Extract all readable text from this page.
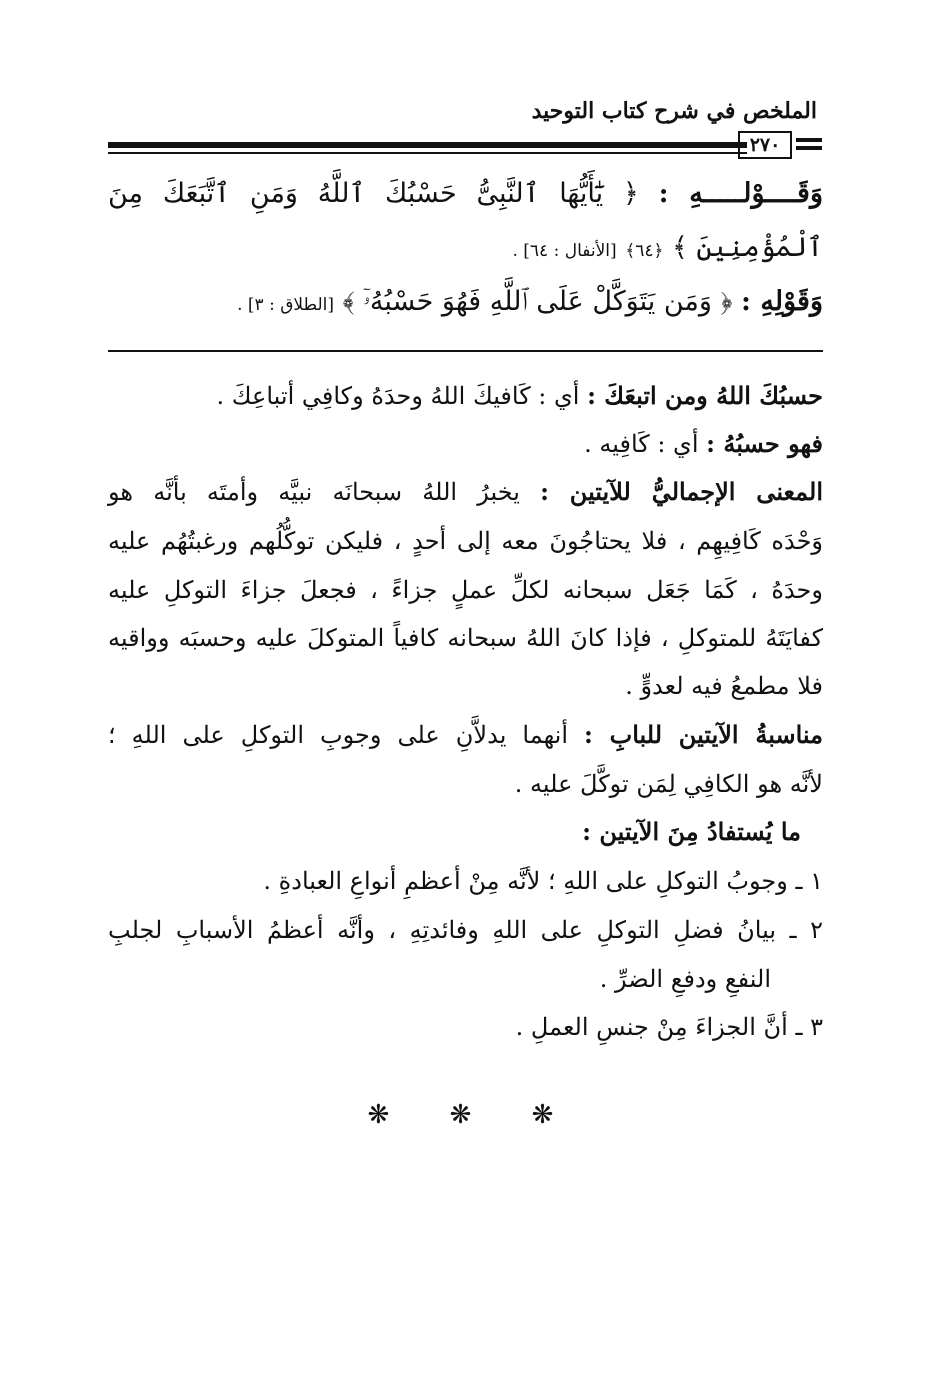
الملخص في شرح كتاب التوحيد
٢٧٠
وَقَــــوْلـــــهِ : ﴿ يَٰٓأَيُّهَا ٱلنَّبِىُّ حَسْبُكَ ٱللَّهُ وَمَنِ ٱتَّبَعَكَ مِنَ
ٱلْمُؤْمِنِينَ ﴾ ﴿٦٤﴾ [الأنفال : ٦٤] .
وَقَوْلِهِ : ﴿ وَمَن يَتَوَكَّلْ عَلَى ٱللَّهِ فَهُوَ حَسْبُهُۥٓ ﴾ [الطلاق : ٣] .
حسبُكَ اللهُ ومن اتبعَكَ : أي : كَافيكَ اللهُ وحدَهُ وكافِي أتباعِكَ .
فهو حسبُهُ : أي : كَافِيه .
المعنى الإجماليُّ للآيتين : يخبرُ اللهُ سبحانَه نبيَّه وأمتَه بأنَّه هو
وَحْدَه كَافِيهِم ، فلا يحتاجُونَ معه إلى أحدٍ ، فليكن توكُّلُهم ورغبتُهُم عليه
وحدَهُ ، كَمَا جَعَل سبحانه لكلِّ عملٍ جزاءً ، فجعلَ جزاءَ التوكلِ عليه
كفايَتَهُ للمتوكلِ ، فإذا كانَ اللهُ سبحانه كافياً المتوكلَ عليه وحسبَه وواقيه
فلا مطمعُ فيه لعدوٍّ .
مناسبةُ الآيتين للبابِ : أنهما يدلاَّنِ على وجوبِ التوكلِ على اللهِ ؛
لأنَّه هو الكافِي لِمَن توكَّلَ عليه .
ما يُستفادُ مِنَ الآيتين :
١ ـ وجوبُ التوكلِ على اللهِ ؛ لأنَّه مِنْ أعظمِ أنواعِ العبادةِ .
٢ ـ بيانُ فضلِ التوكلِ على اللهِ وفائدتِهِ ، وأنَّه أعظمُ الأسبابِ لجلبِ
النفعِ ودفعِ الضرِّ .
٣ ـ أنَّ الجزاءَ مِنْ جنسِ العملِ .
❋ ❋ ❋
